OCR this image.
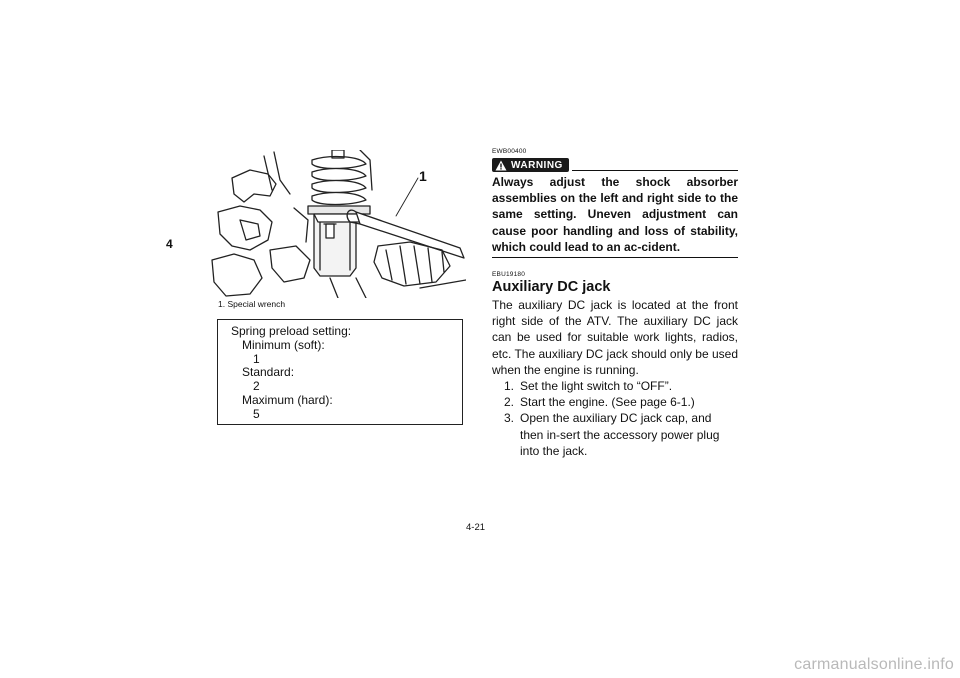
4
1
1. Special wrench
Spring preload setting:
Minimum (soft):
1
Standard:
2
Maximum (hard):
5
EWB00400
WARNING
Always adjust the shock absorber assemblies on the left and right side to the same setting. Uneven adjustment can cause poor handling and loss of stability, which could lead to an ac-cident.
EBU19180
Auxiliary DC jack
The auxiliary DC jack is located at the front right side of the ATV. The auxiliary DC jack can be used for suitable work lights, radios, etc. The auxiliary DC jack should only be used when the engine is running.
1. Set the light switch to “OFF”.
2. Start the engine. (See page 6-1.)
3. Open the auxiliary DC jack cap, and then in-sert the accessory power plug into the jack.
4-21
carmanualsonline.info
